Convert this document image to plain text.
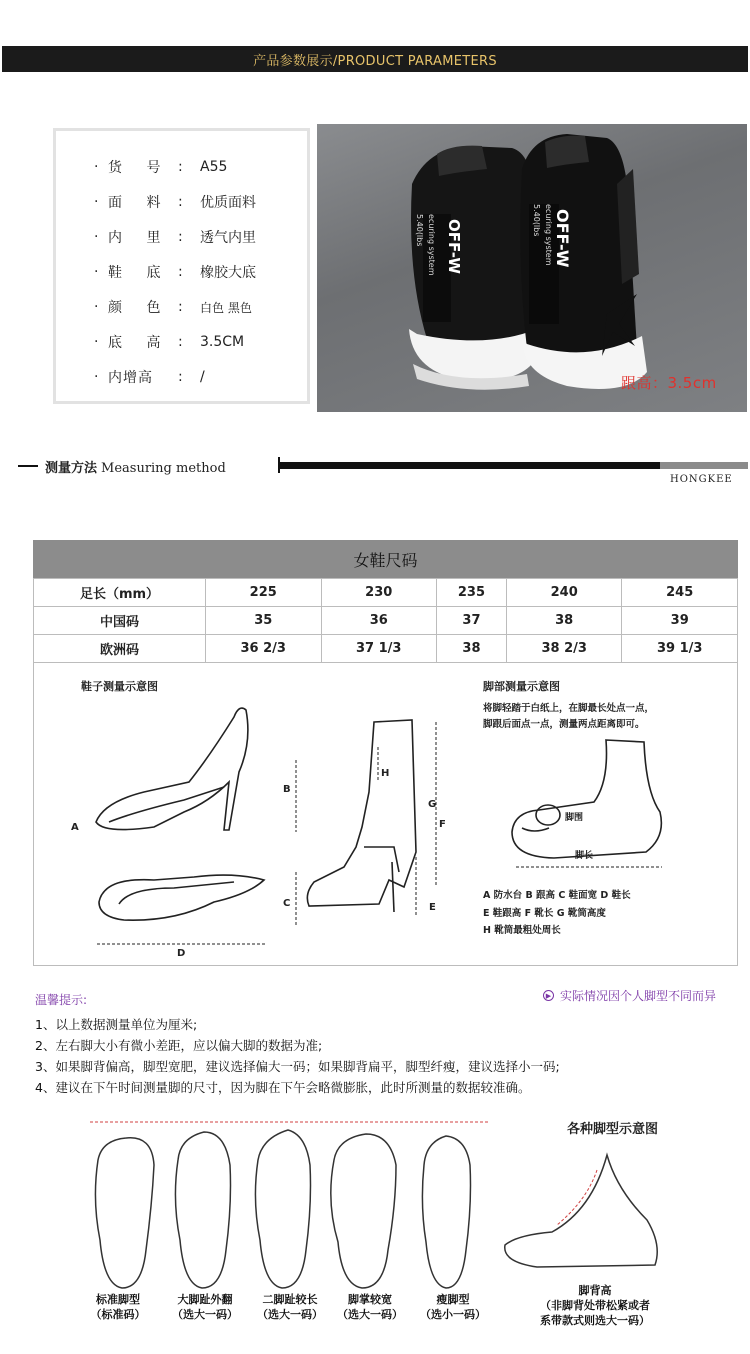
产品参数展示/PRODUCT PARAMETERS
· 货 号 :	A55
· 面 料 :	优质面料
· 内 里 :	透气内里
· 鞋 底 :	橡胶大底
· 颜 色 :	白色 黑色
· 底 高 :	3.5CM
· 内增高	:	/
OFF-W
ecuring system
5.40(lbs	OFF-W
5.40(lbs ecuring system
跟高：3.5cm
测量方法 Measuring method
HONGKEE
女鞋尺码
足长（mm）	225	230	235	240	245
中国码	35	36	37	38	39
欧洲码	36 2/3	37 1/3	38	38 2/3	39 1/3
鞋子测量示意图	脚部测量示意图
将脚轻踏于白纸上，在脚最长处点一点，
脚跟后面点一点，测量两点距离即可。
A
B
C
D
E
F
G
H
脚围
脚长
A 防水台 B 跟高 C 鞋面宽 D 鞋长
E 鞋跟高 F 靴长 G 靴筒高度
H 靴筒最粗处周长
温馨提示:	▶ 实际情况因个人脚型不同而异
1、以上数据测量单位为厘米;
2、左右脚大小有微小差距，应以偏大脚的数据为准;
3、如果脚背偏高，脚型宽肥，建议选择偏大一码；如果脚背扁平，脚型纤瘦，建议选择小一码;
4、建议在下午时间测量脚的尺寸，因为脚在下午会略微膨胀，此时所测量的数据较准确。
各种脚型示意图
标准脚型
（标准码）
大脚趾外翻
（选大一码）
二脚趾较长
（选大一码）
脚掌较宽
（选大一码）
瘦脚型
（选小一码）
脚背高
（非脚背处带松紧或者
系带款式则选大一码）
